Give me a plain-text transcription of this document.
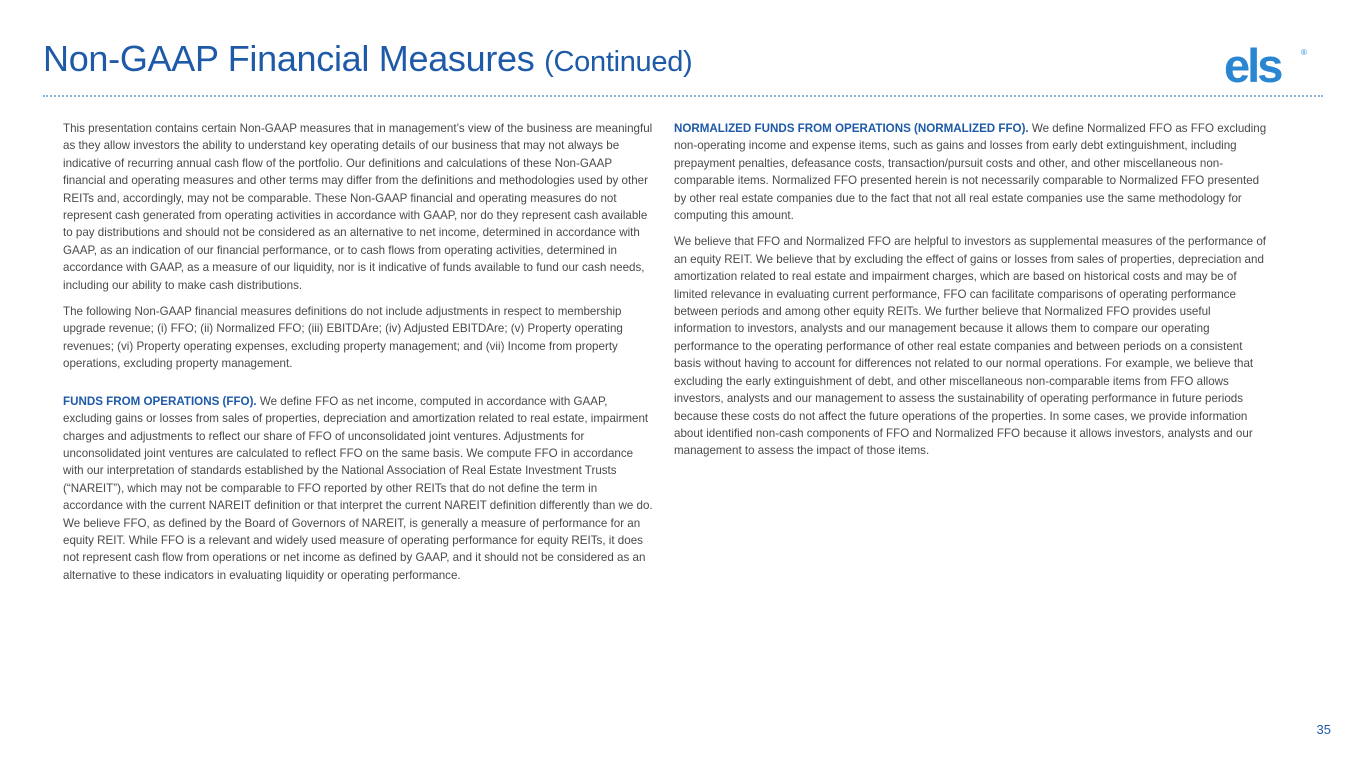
Non-GAAP Financial Measures (Continued)	els	®

This presentation contains certain Non-GAAP measures that in management’s view of the business are meaningful as they allow investors the ability to understand key operating details of our business that may not always be indicative of recurring annual cash flow of the portfolio. Our definitions and calculations of these Non-GAAP financial and operating measures and other terms may differ from the definitions and methodologies used by other REITs and, accordingly, may not be comparable. These Non-GAAP financial and operating measures do not represent cash generated from operating activities in accordance with GAAP, nor do they represent cash available to pay distributions and should not be considered as an alternative to net income, determined in accordance with GAAP, as an indication of our financial performance, or to cash flows from operating activities, determined in accordance with GAAP, as a measure of our liquidity, nor is it indicative of funds available to fund our cash needs, including our ability to make cash distributions.

The following Non-GAAP financial measures definitions do not include adjustments in respect to membership upgrade revenue; (i) FFO; (ii) Normalized FFO; (iii) EBITDAre; (iv) Adjusted EBITDAre; (v) Property operating revenues; (vi) Property operating expenses, excluding property management; and (vii) Income from property operations, excluding property management.

FUNDS FROM OPERATIONS (FFO). We define FFO as net income, computed in accordance with GAAP, excluding gains or losses from sales of properties, depreciation and amortization related to real estate, impairment charges and adjustments to reflect our share of FFO of unconsolidated joint ventures. Adjustments for unconsolidated joint ventures are calculated to reflect FFO on the same basis. We compute FFO in accordance with our interpretation of standards established by the National Association of Real Estate Investment Trusts (“NAREIT”), which may not be comparable to FFO reported by other REITs that do not define the term in accordance with the current NAREIT definition or that interpret the current NAREIT definition differently than we do. We believe FFO, as defined by the Board of Governors of NAREIT, is generally a measure of performance for an equity REIT. While FFO is a relevant and widely used measure of operating performance for equity REITs, it does not represent cash flow from operations or net income as defined by GAAP, and it should not be considered as an alternative to these indicators in evaluating liquidity or operating performance.

NORMALIZED FUNDS FROM OPERATIONS (NORMALIZED FFO). We define Normalized FFO as FFO excluding non-operating income and expense items, such as gains and losses from early debt extinguishment, including prepayment penalties, defeasance costs, transaction/pursuit costs and other, and other miscellaneous non-comparable items. Normalized FFO presented herein is not necessarily comparable to Normalized FFO presented by other real estate companies due to the fact that not all real estate companies use the same methodology for computing this amount.

We believe that FFO and Normalized FFO are helpful to investors as supplemental measures of the performance of an equity REIT. We believe that by excluding the effect of gains or losses from sales of properties, depreciation and amortization related to real estate and impairment charges, which are based on historical costs and may be of limited relevance in evaluating current performance, FFO can facilitate comparisons of operating performance between periods and among other equity REITs. We further believe that Normalized FFO provides useful information to investors, analysts and our management because it allows them to compare our operating performance to the operating performance of other real estate companies and between periods on a consistent basis without having to account for differences not related to our normal operations. For example, we believe that excluding the early extinguishment of debt, and other miscellaneous non-comparable items from FFO allows investors, analysts and our management to assess the sustainability of operating performance in future periods because these costs do not affect the future operations of the properties. In some cases, we provide information about identified non-cash components of FFO and Normalized FFO because it allows investors, analysts and our management to assess the impact of those items.

35
